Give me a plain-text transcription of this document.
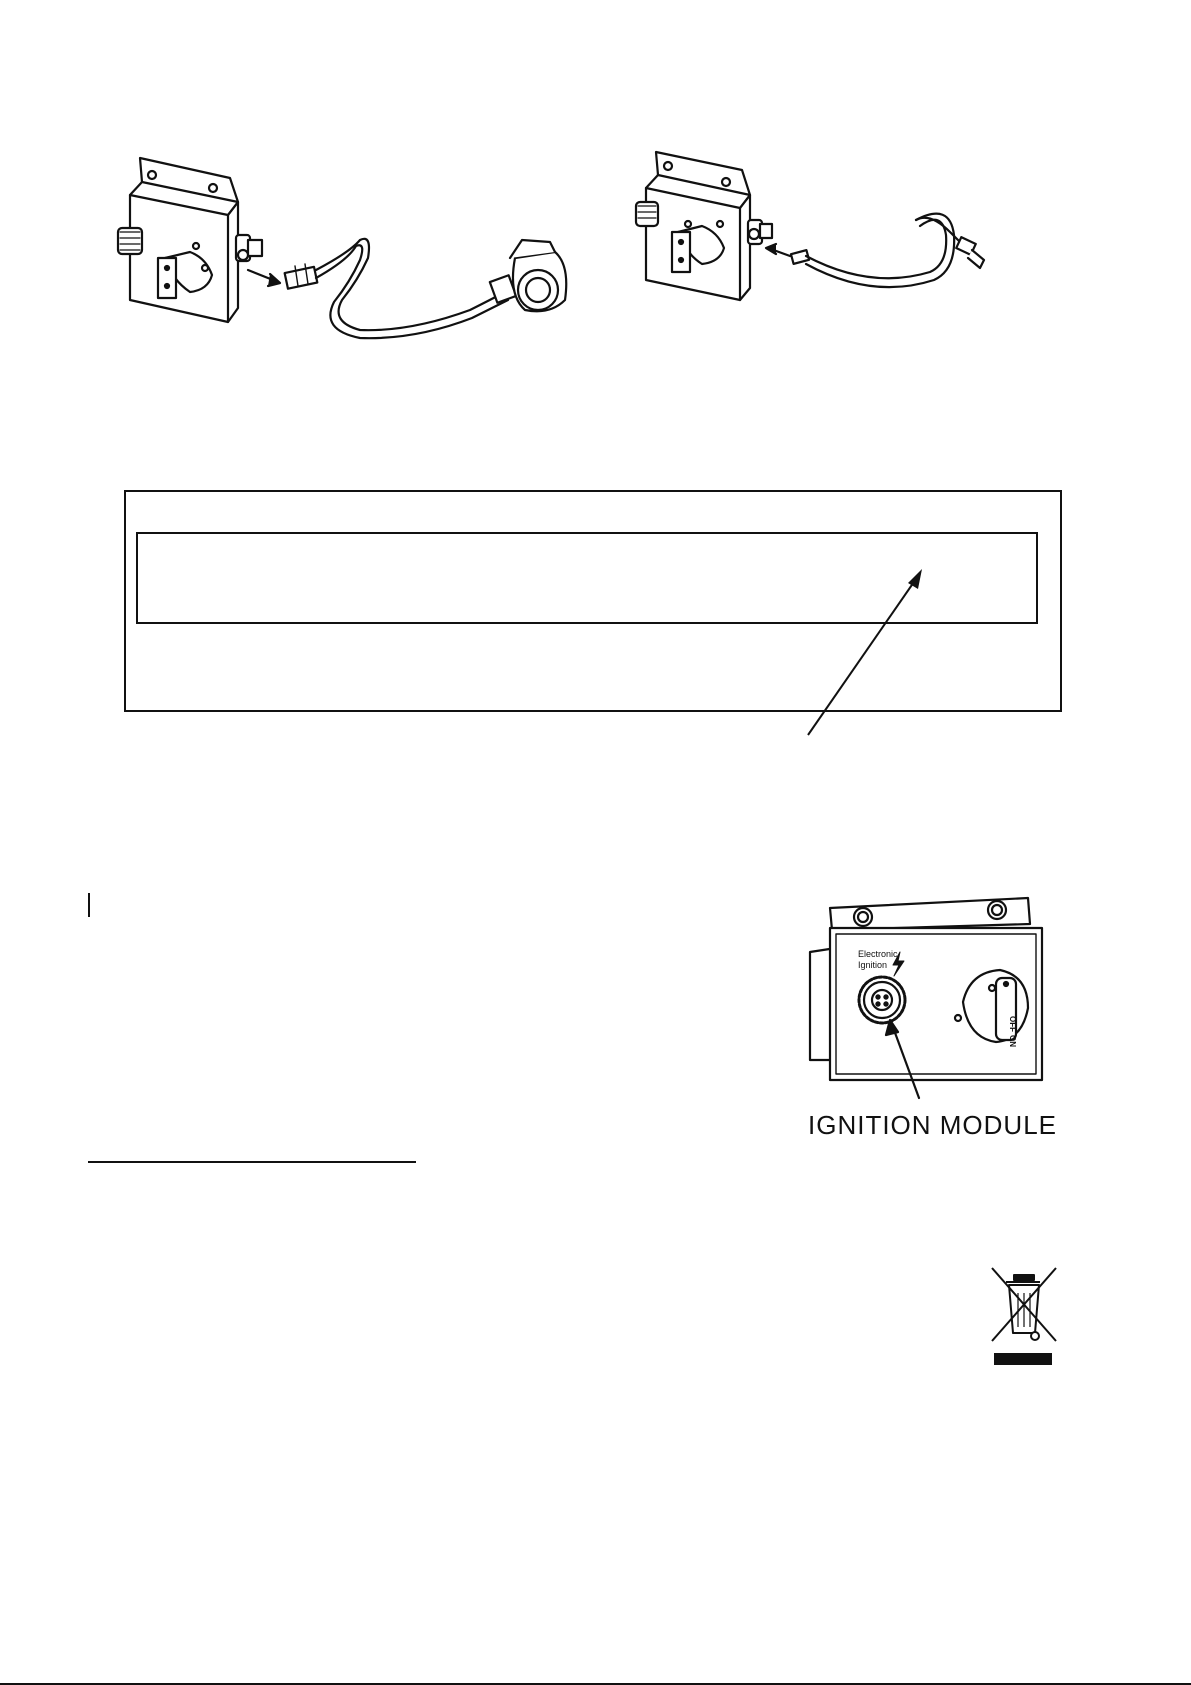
Electronic
Ignition
OFF
ON
IGNITION MODULE
